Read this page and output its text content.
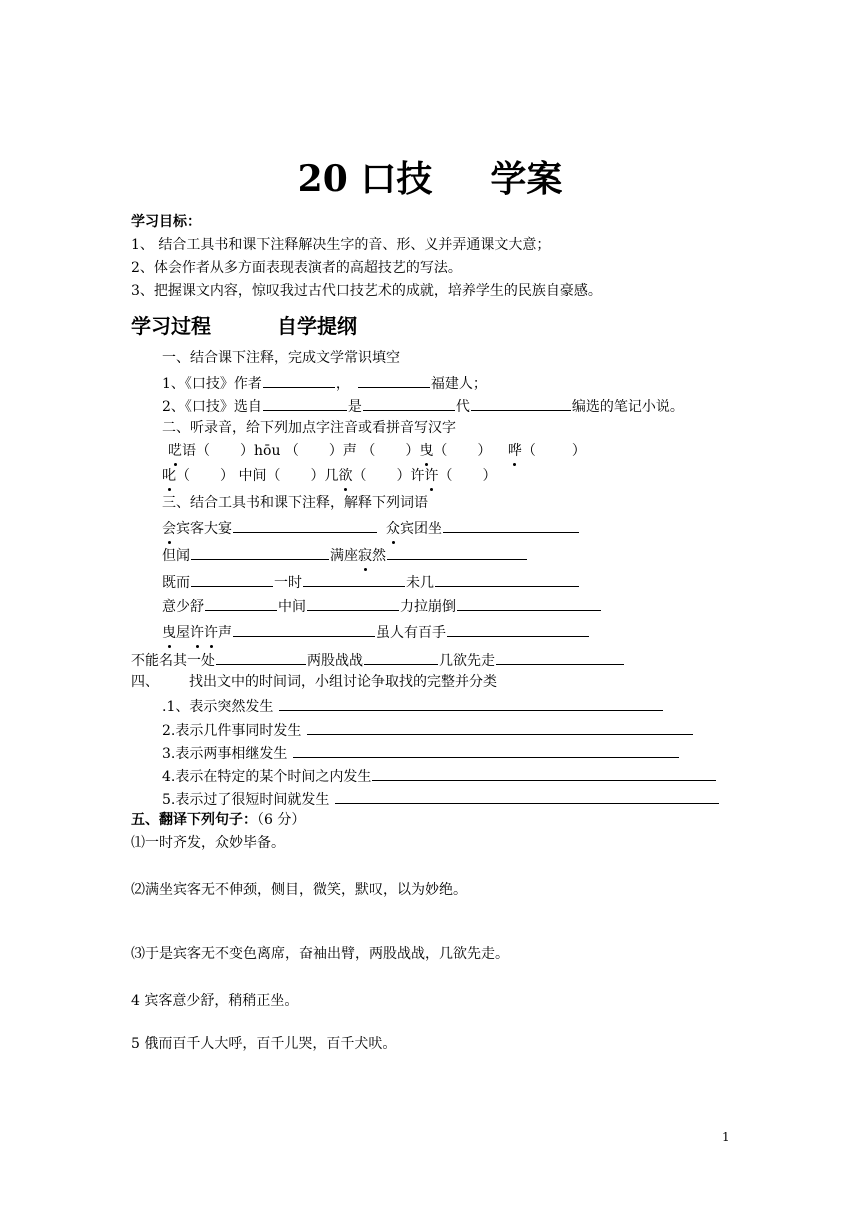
20 口技 学案
学习目标：
1、 结合工具书和课下注释解决生字的音、形、义并弄通课文大意；
2、体会作者从多方面表现表演者的高超技艺的写法。
3、把握课文内容，惊叹我过古代口技艺术的成就，培养学生的民族自豪感。
学习过程	自学提纲
一、结合课下注释，完成文学常识填空
1、《口技》作者	，	福建人；
2、《口技》选自	是	代	编选的笔记小说。
二、听录音，给下列加点字注音或看拼音写汉字
呓语（ ）hōu （ ）声 （ ）曳（ ） 哗（	）
叱（ ） 中间（ ）几欲（ ）许许（ ）
三、结合工具书和课下注释，解释下列词语
会宾客大宴	众宾团坐
但闻	满座寂然
既而	一时	未几
意少舒	中间	力拉崩倒
曳屋许许声	虽人有百手
不能名其一处	两股战战	几欲先走
四、 找出文中的时间词，小组讨论争取找的完整并分类
.1、表示突然发生
2.表示几件事同时发生
3.表示两事相继发生
4.表示在特定的某个时间之内发生
5.表示过了很短时间就发生
五、翻译下列句子：（6 分）
⑴一时齐发，众妙毕备。
⑵满坐宾客无不伸颈，侧目，微笑，默叹，以为妙绝。
⑶于是宾客无不变色离席，奋袖出臂，两股战战，几欲先走。
4 宾客意少舒，稍稍正坐。
5 俄而百千人大呼，百千儿哭，百千犬吠。
1
